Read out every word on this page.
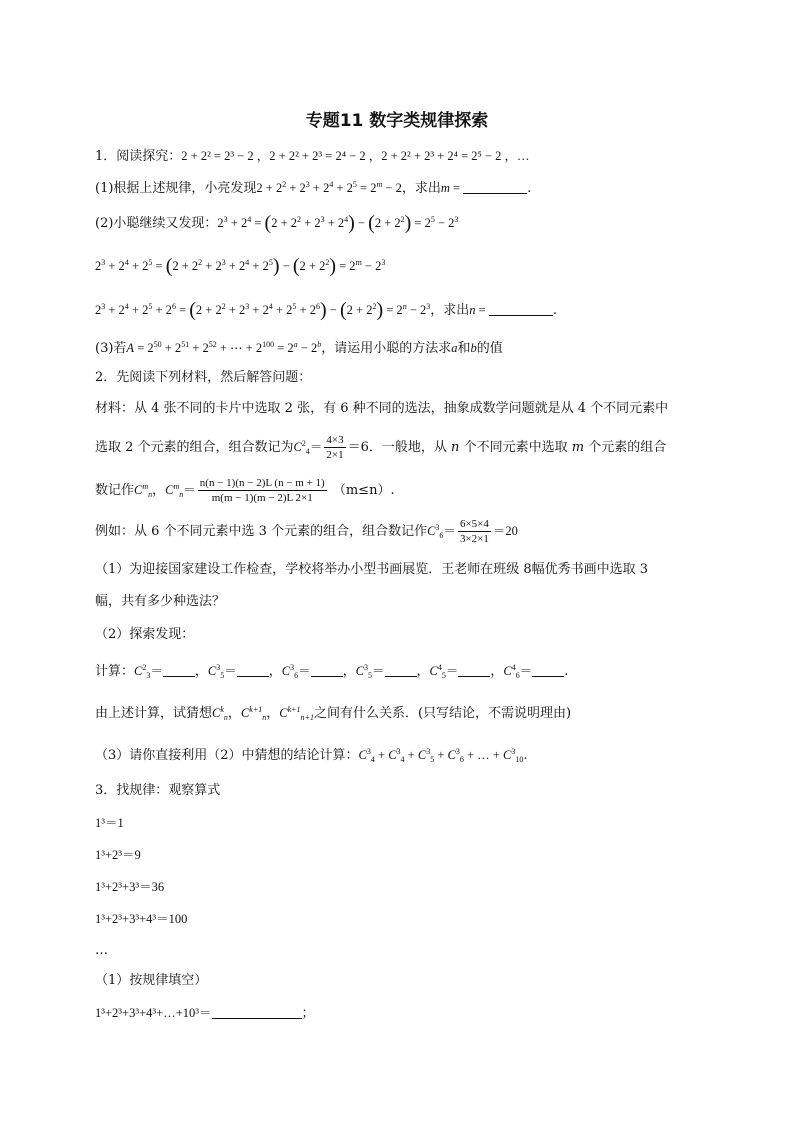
专题11 数字类规律探索
1．阅读探究：2 + 2² = 2³ − 2 ，2 + 2² + 2³ = 2⁴ − 2 ，2 + 2² + 2³ + 2⁴ = 2⁵ − 2 ，…
(1)根据上述规律，小亮发现$2 + 2^2 + 2^3 + 2^4 + 2^5 = 2^m - 2$，求出m =	.
(2)小聪继续又发现：$2^3 + 2^4 = (2 + 2^2 + 2^3 + 2^4) - (2 + 2^2) = 2^5 - 2^3$
$2^3 + 2^4 + 2^5 = (2 + 2^2 + 2^3 + 2^4 + 2^5) - (2 + 2^2) = 2^m - 2^3$
$2^3 + 2^4 + 2^5 + 2^6 = (2 + 2^2 + 2^3 + 2^4 + 2^5 + 2^6) - (2 + 2^2) = 2^n - 2^3$，求出n =	.
(3)若$A = 2^{50} + 2^{51} + 2^{52}$ + ⋯ + $2^{100} = 2^a - 2^b$，请运用小聪的方法求a和b的值
2．先阅读下列材料，然后解答问题：
材料：从 4 张不同的卡片中选取 2 张，有 6 种不同的选法，抽象成数学问题就是从 4 个不同元素中
选取 2 个元素的组合，组合数记为$C^2_4= \frac{4\times 3}{2\times 1} =6$．一般地，从 n 个不同元素中选取 m 个元素的组合
数记作$C^m_n$，$C^m_n= \frac{n(n - 1)(n - 2)L (n - m + 1)}{m(m - 1)(m - 2)L 2\times 1} (m\le n)$.
例如：从 6 个不同元素中选 3 个元素的组合，组合数记作$C^3_6= \frac{6\times 5\times 4}{3\times 2\times 1} =20$
（1）为迎接国家建设工作检查，学校将举办小型书画展览．王老师在班级 8幅优秀书画中选取 3
幅，共有多少种选法？
（2）探索发现：
计算：$C^2_3=$ ，$C^3_5=$ ，$C^3_6=$ ，$C^3_5=$ ，$C^4_5=$ ，$C^4_6=$ .
由上述计算，试猜想$C^k_n$，$C^{k+1}_n$，$C^{k+1}_{n+1}$之间有什么关系．(只写结论，不需说明理由)
（3）请你直接利用（2）中猜想的结论计算：$C^3_4 + C^3_4 + C^3_5 + C^3_6$ + … + $C^3_{10}$.
3．找规律：观察算式
1³＝1
1³+2³＝9
1³+2³+3³＝36
1³+2³+3³+4³＝100
…
（1）按规律填空）
1³+2³+3³+4³+…+10³＝	；
